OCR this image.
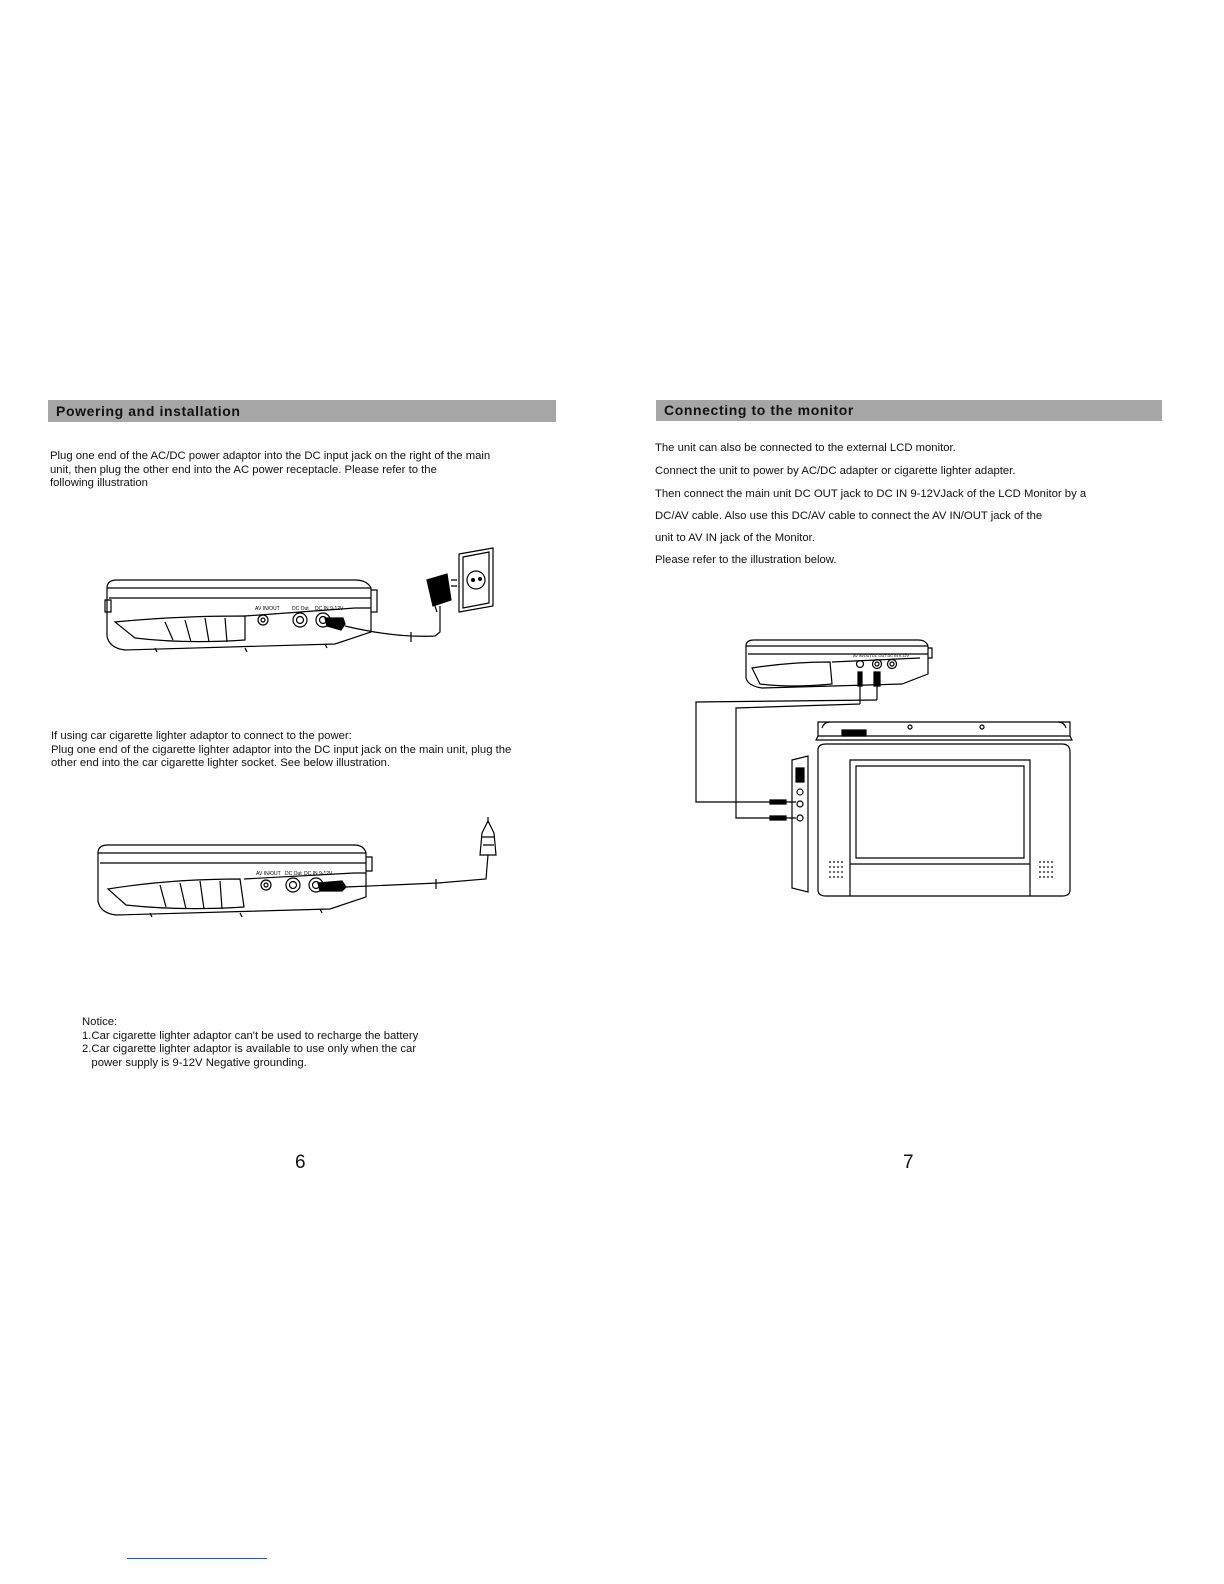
Powering and installation
Plug one end of the AC/DC power adaptor into the DC input jack on the right of the main
unit, then plug the other end into the AC power receptacle. Please refer to the
following illustration
AV IN/OUT DC Out DC IN 9-12V
If using car cigarette lighter adaptor to connect to the power:
Plug one end of the cigarette lighter adaptor into the DC input jack on the main unit, plug the
other end into the car cigarette lighter socket. See below illustration.
AV IN/OUT DC Out DC IN 9-12V
Notice:
1.Car cigarette lighter adaptor can't be used to recharge the battery
2.Car cigarette lighter adaptor is available to use only when the car
power supply is 9-12V Negative grounding.
6
Connecting to the monitor
The unit can also be connected to the external LCD monitor.
Connect the unit to power by AC/DC adapter or cigarette lighter adapter.
Then connect the main unit DC OUT jack to DC IN 9-12VJack of the LCD Monitor by a
DC/AV cable. Also use this DC/AV cable to connect the AV IN/OUT jack of the
unit to AV IN jack of the Monitor.
Please refer to the illustration below.
AV IN/OUT DC OUT DC IN 9-12V
7
